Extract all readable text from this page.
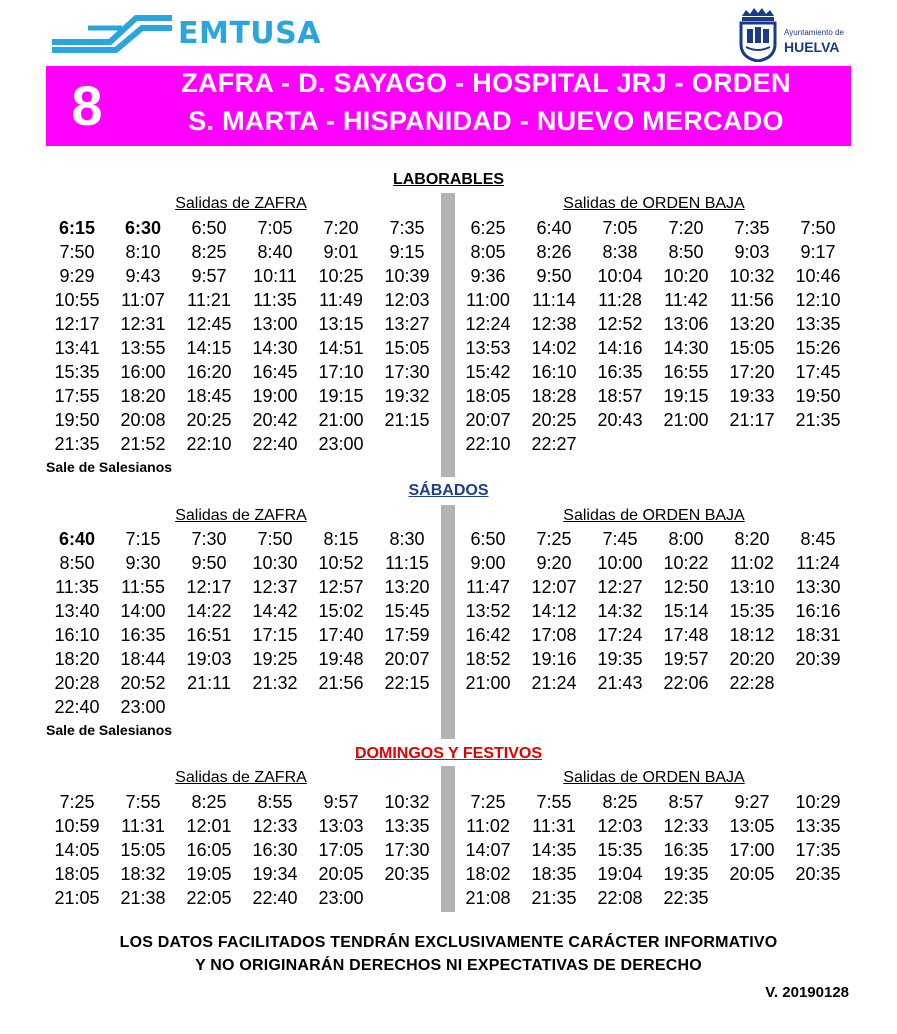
EMTUSA	Ayuntamiento de
HUELVA
8	ZAFRA - D. SAYAGO - HOSPITAL JRJ - ORDEN
S. MARTA - HISPANIDAD - NUEVO MERCADO
LABORABLES
Salidas de ZAFRA	Salidas de ORDEN BAJA
6:15	6:30	6:50	7:05	7:20	7:35
7:50	8:10	8:25	8:40	9:01	9:15
9:29	9:43	9:57	10:11	10:25	10:39
10:55	11:07	11:21	11:35	11:49	12:03
12:17	12:31	12:45	13:00	13:15	13:27
13:41	13:55	14:15	14:30	14:51	15:05
15:35	16:00	16:20	16:45	17:10	17:30
17:55	18:20	18:45	19:00	19:15	19:32
19:50	20:08	20:25	20:42	21:00	21:15
21:35	21:52	22:10	22:40	23:00
6:25	6:40	7:05	7:20	7:35	7:50
8:05	8:26	8:38	8:50	9:03	9:17
9:36	9:50	10:04	10:20	10:32	10:46
11:00	11:14	11:28	11:42	11:56	12:10
12:24	12:38	12:52	13:06	13:20	13:35
13:53	14:02	14:16	14:30	15:05	15:26
15:42	16:10	16:35	16:55	17:20	17:45
18:05	18:28	18:57	19:15	19:33	19:50
20:07	20:25	20:43	21:00	21:17	21:35
22:10	22:27
Sale de Salesianos
SÁBADOS
Salidas de ZAFRA	Salidas de ORDEN BAJA
6:40	7:15	7:30	7:50	8:15	8:30
8:50	9:30	9:50	10:30	10:52	11:15
11:35	11:55	12:17	12:37	12:57	13:20
13:40	14:00	14:22	14:42	15:02	15:45
16:10	16:35	16:51	17:15	17:40	17:59
18:20	18:44	19:03	19:25	19:48	20:07
20:28	20:52	21:11	21:32	21:56	22:15
22:40	23:00
6:50	7:25	7:45	8:00	8:20	8:45
9:00	9:20	10:00	10:22	11:02	11:24
11:47	12:07	12:27	12:50	13:10	13:30
13:52	14:12	14:32	15:14	15:35	16:16
16:42	17:08	17:24	17:48	18:12	18:31
18:52	19:16	19:35	19:57	20:20	20:39
21:00	21:24	21:43	22:06	22:28
Sale de Salesianos
DOMINGOS Y FESTIVOS
Salidas de ZAFRA	Salidas de ORDEN BAJA
7:25	7:55	8:25	8:55	9:57	10:32
10:59	11:31	12:01	12:33	13:03	13:35
14:05	15:05	16:05	16:30	17:05	17:30
18:05	18:32	19:05	19:34	20:05	20:35
21:05	21:38	22:05	22:40	23:00
7:25	7:55	8:25	8:57	9:27	10:29
11:02	11:31	12:03	12:33	13:05	13:35
14:07	14:35	15:35	16:35	17:00	17:35
18:02	18:35	19:04	19:35	20:05	20:35
21:08	21:35	22:08	22:35
LOS DATOS FACILITADOS TENDRÁN EXCLUSIVAMENTE CARÁCTER INFORMATIVO
Y NO ORIGINARÁN DERECHOS NI EXPECTATIVAS DE DERECHO
V. 20190128
